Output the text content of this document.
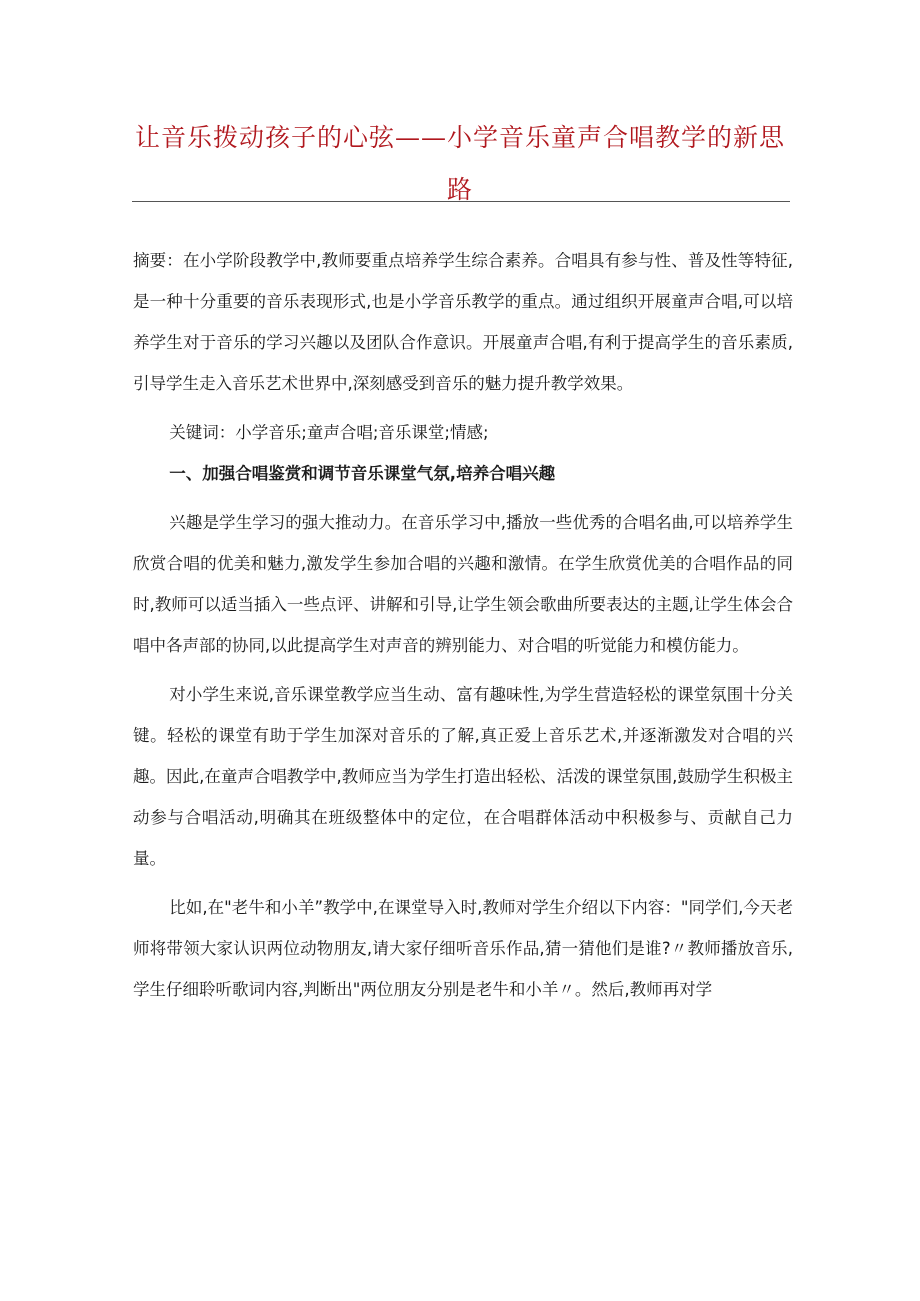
让音乐拨动孩子的心弦——小学音乐童声合唱教学的新思路

摘要：在小学阶段教学中,教师要重点培养学生综合素养。合唱具有参与性、普及性等特征,是一种十分重要的音乐表现形式,也是小学音乐教学的重点。通过组织开展童声合唱,可以培养学生对于音乐的学习兴趣以及团队合作意识。开展童声合唱,有利于提高学生的音乐素质,引导学生走入音乐艺术世界中,深刻感受到音乐的魅力提升教学效果。

关键词：小学音乐;童声合唱;音乐课堂;情感;

一、加强合唱鉴赏和调节音乐课堂气氛,培养合唱兴趣

兴趣是学生学习的强大推动力。在音乐学习中,播放一些优秀的合唱名曲,可以培养学生欣赏合唱的优美和魅力,激发学生参加合唱的兴趣和激情。在学生欣赏优美的合唱作品的同时,教师可以适当插入一些点评、讲解和引导,让学生领会歌曲所要表达的主题,让学生体会合唱中各声部的协同,以此提高学生对声音的辨别能力、对合唱的听觉能力和模仿能力。

对小学生来说,音乐课堂教学应当生动、富有趣味性,为学生营造轻松的课堂氛围十分关键。轻松的课堂有助于学生加深对音乐的了解,真正爱上音乐艺术,并逐渐激发对合唱的兴趣。因此,在童声合唱教学中,教师应当为学生打造出轻松、活泼的课堂氛围,鼓励学生积极主动参与合唱活动,明确其在班级整体中的定位，在合唱群体活动中积极参与、贡献自己力量。

比如,在"老牛和小羊”教学中,在课堂导入时,教师对学生介绍以下内容："同学们,今天老师将带领大家认识两位动物朋友,请大家仔细听音乐作品,猜一猜他们是谁?〃教师播放音乐,学生仔细聆听歌词内容,判断出"两位朋友分别是老牛和小羊〃。然后,教师再对学
